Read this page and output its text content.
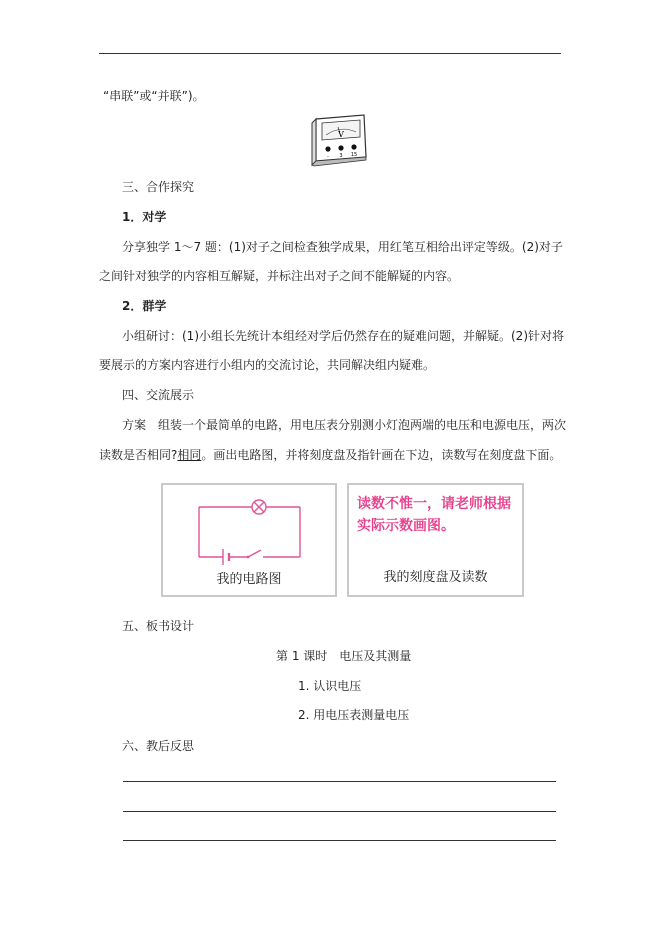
“串联”或“并联”)。
V
- 3 15
三、合作探究
1．对学
分享独学 1～7 题：(1)对子之间检查独学成果，用红笔互相给出评定等级。(2)对子
之间针对独学的内容相互解疑，并标注出对子之间不能解疑的内容。
2．群学
小组研讨：(1)小组长先统计本组经对学后仍然存在的疑难问题，并解疑。(2)针对将
要展示的方案内容进行小组内的交流讨论，共同解决组内疑难。
四、交流展示
方案　组装一个最简单的电路，用电压表分别测小灯泡两端的电压和电源电压，两次
读数是否相同?相同。画出电路图，并将刻度盘及指针画在下边，读数写在刻度盘下面。
我的电路图
读数不惟一，请老师根据实际示数画图。
我的刻度盘及读数
五、板书设计
第 1 课时　电压及其测量
1. 认识电压
2. 用电压表测量电压
六、教后反思
